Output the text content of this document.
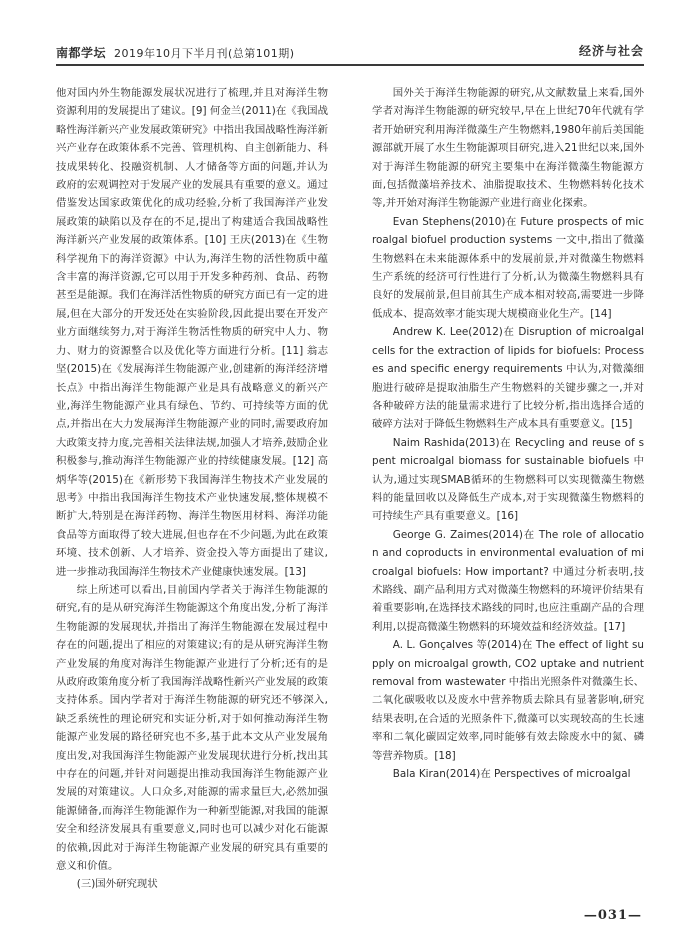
南都学坛 2019年10月下半月刊(总第101期)	经济与社会

他对国内外生物能源发展状况进行了梳理,并且对海洋生物资源利用的发展提出了建议。[9] 何金兰(2011)在《我国战略性海洋新兴产业发展政策研究》中指出我国战略性海洋新兴产业存在政策体系不完善、管理机构、自主创新能力、科技成果转化、投融资机制、人才储备等方面的问题,并认为政府的宏观调控对于发展产业的发展具有重要的意义。通过借鉴发达国家政策优化的成功经验,分析了我国海洋产业发展政策的缺陷以及存在的不足,提出了构建适合我国战略性海洋新兴产业发展的政策体系。[10] 王庆(2013)在《生物科学视角下的海洋资源》中认为,海洋生物的活性物质中蕴含丰富的海洋资源,它可以用于开发多种药剂、食品、药物甚至是能源。我们在海洋活性物质的研究方面已有一定的进展,但在大部分的开发还处在实验阶段,因此提出要在开发产业方面继续努力,对于海洋生物活性物质的研究中人力、物力、财力的资源整合以及优化等方面进行分析。[11] 翁志坚(2015)在《发展海洋生物能源产业,创建新的海洋经济增长点》中指出海洋生物能源产业是具有战略意义的新兴产业,海洋生物能源产业具有绿色、节约、可持续等方面的优点,并指出在大力发展海洋生物能源产业的同时,需要政府加大政策支持力度,完善相关法律法规,加强人才培养,鼓励企业积极参与,推动海洋生物能源产业的持续健康发展。[12] 高炳华等(2015)在《新形势下我国海洋生物技术产业发展的思考》中指出我国海洋生物技术产业快速发展,整体规模不断扩大,特别是在海洋药物、海洋生物医用材料、海洋功能食品等方面取得了较大进展,但也存在不少问题,为此在政策环境、技术创新、人才培养、资金投入等方面提出了建议,进一步推动我国海洋生物技术产业健康快速发展。[13]

综上所述可以看出,目前国内学者关于海洋生物能源的研究,有的是从研究海洋生物能源这个角度出发,分析了海洋生物能源的发展现状,并指出了海洋生物能源在发展过程中存在的问题,提出了相应的对策建议;有的是从研究海洋生物产业发展的角度对海洋生物能源产业进行了分析;还有的是从政府政策角度分析了我国海洋战略性新兴产业发展的政策支持体系。国内学者对于海洋生物能源的研究还不够深入,缺乏系统性的理论研究和实证分析,对于如何推动海洋生物能源产业发展的路径研究也不多,基于此本文从产业发展角度出发,对我国海洋生物能源产业发展现状进行分析,找出其中存在的问题,并针对问题提出推动我国海洋生物能源产业发展的对策建议。人口众多,对能源的需求量巨大,必然加强能源储备,而海洋生物能源作为一种新型能源,对我国的能源安全和经济发展具有重要意义,同时也可以减少对化石能源的依赖,因此对于海洋生物能源产业发展的研究具有重要的意义和价值。

(三)国外研究现状

国外关于海洋生物能源的研究,从文献数量上来看,国外学者对海洋生物能源的研究较早,早在上世纪70年代就有学者开始研究利用海洋微藻生产生物燃料,1980年前后美国能源部就开展了水生生物能源项目研究,进入21世纪以来,国外对于海洋生物能源的研究主要集中在海洋微藻生物能源方面,包括微藻培养技术、油脂提取技术、生物燃料转化技术等,并开始对海洋生物能源产业进行商业化探索。

Evan Stephens(2010)在 Future prospects of microalgal biofuel production systems 一文中,指出了微藻生物燃料在未来能源体系中的发展前景,并对微藻生物燃料生产系统的经济可行性进行了分析,认为微藻生物燃料具有良好的发展前景,但目前其生产成本相对较高,需要进一步降低成本、提高效率才能实现大规模商业化生产。[14]

Andrew K. Lee(2012)在 Disruption of microalgal cells for the extraction of lipids for biofuels: Processes and specific energy requirements 中认为,对微藻细胞进行破碎是提取油脂生产生物燃料的关键步骤之一,并对各种破碎方法的能量需求进行了比较分析,指出选择合适的破碎方法对于降低生物燃料生产成本具有重要意义。[15]

Naim Rashida(2013)在 Recycling and reuse of spent microalgal biomass for sustainable biofuels 中认为,通过实现SMAB循环的生物燃料可以实现微藻生物燃料的能量回收以及降低生产成本,对于实现微藻生物燃料的可持续生产具有重要意义。[16]

George G. Zaimes(2014)在 The role of allocation and coproducts in environmental evaluation of microalgal biofuels: How important? 中通过分析表明,技术路线、副产品利用方式对微藻生物燃料的环境评价结果有着重要影响,在选择技术路线的同时,也应注重副产品的合理利用,以提高微藻生物燃料的环境效益和经济效益。[17]

A. L. Gonçalves 等(2014)在 The effect of light supply on microalgal growth, CO2 uptake and nutrient removal from wastewater 中指出光照条件对微藻生长、二氧化碳吸收以及废水中营养物质去除具有显著影响,研究结果表明,在合适的光照条件下,微藻可以实现较高的生长速率和二氧化碳固定效率,同时能够有效去除废水中的氮、磷等营养物质。[18]

Bala Kiran(2014)在 Perspectives of microalgal

—031—
